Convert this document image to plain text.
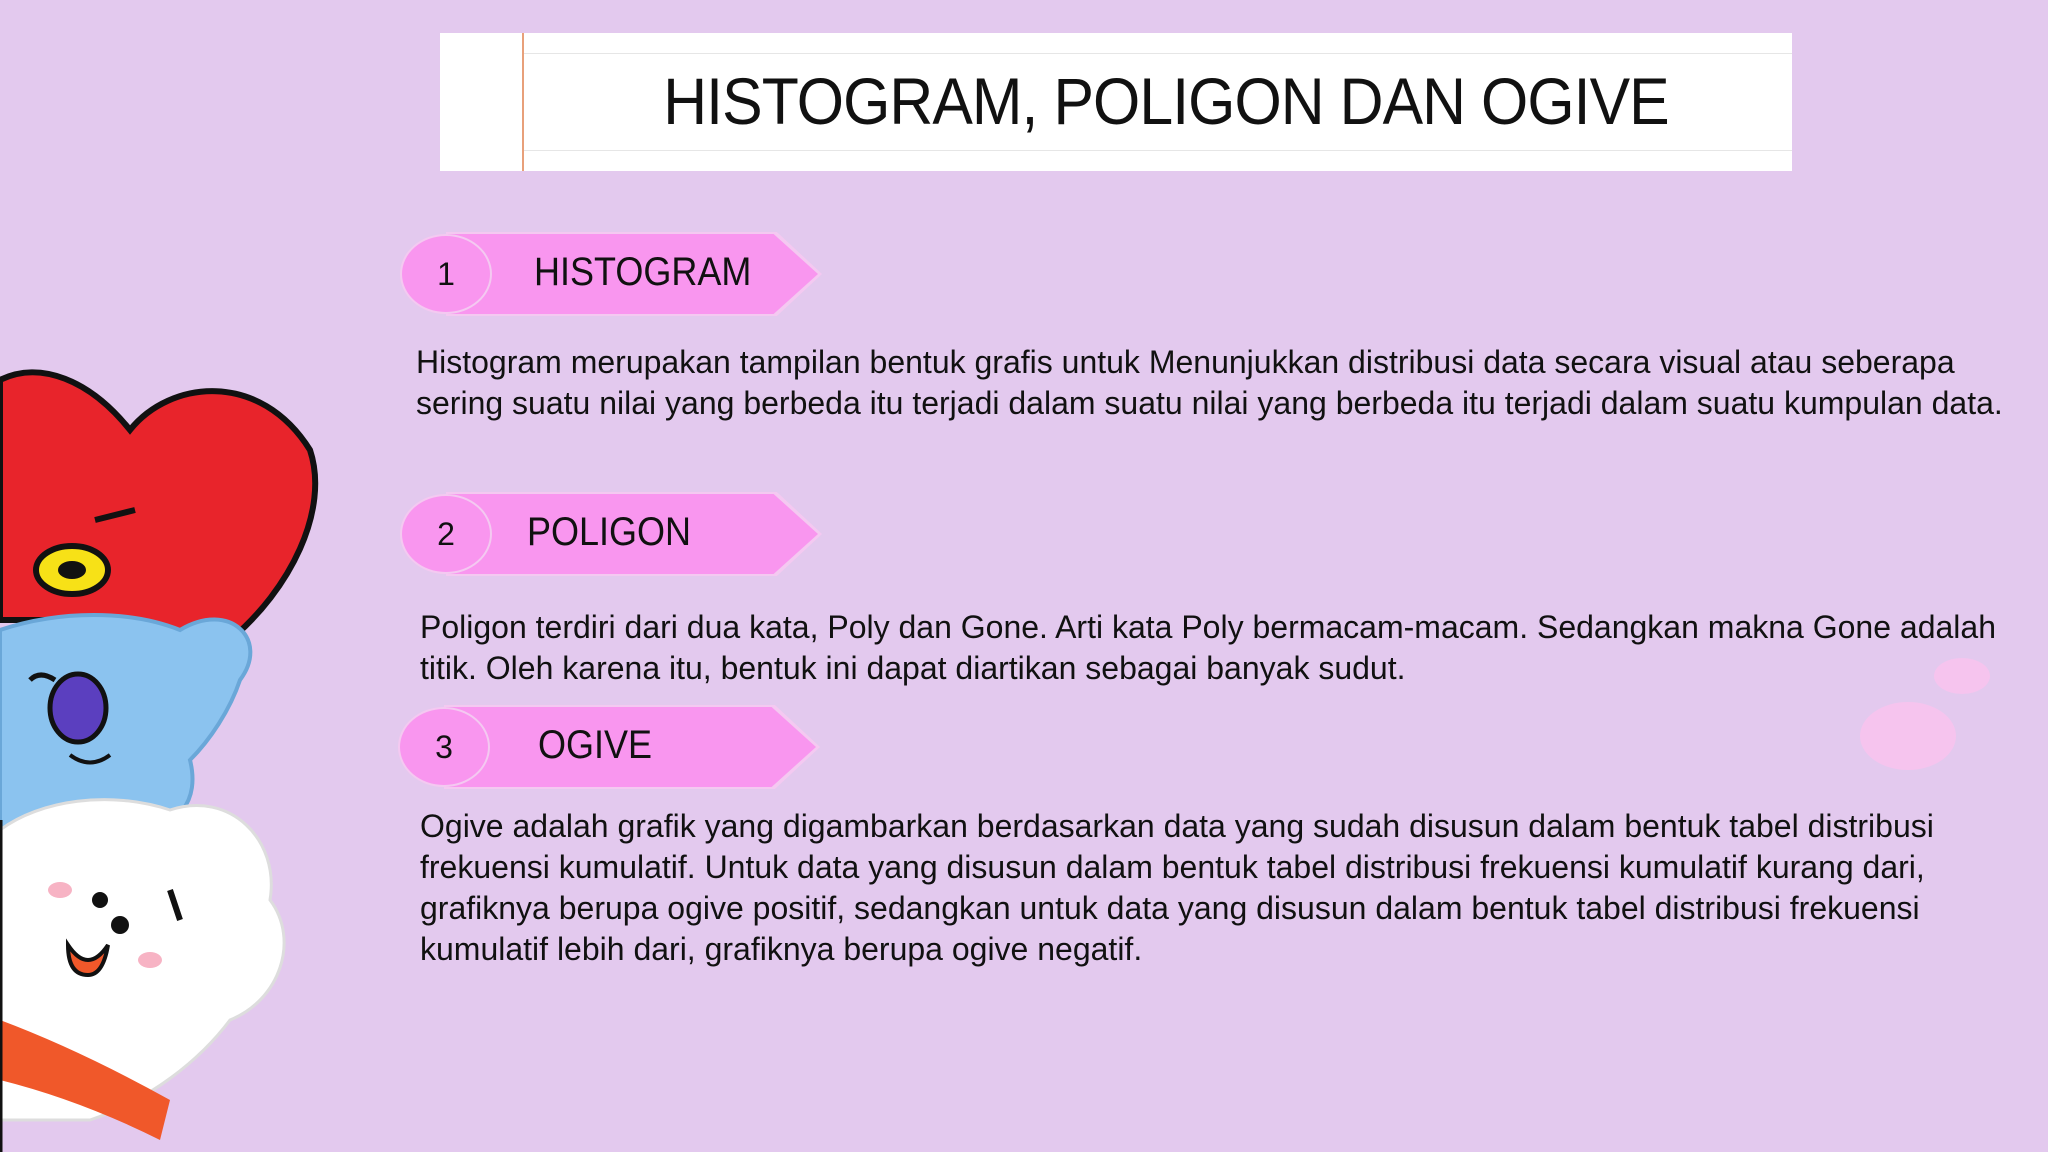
HISTOGRAM, POLIGON DAN OGIVE
1	HISTOGRAM

Histogram merupakan tampilan bentuk grafis untuk Menunjukkan distribusi data secara visual atau seberapa sering suatu nilai yang berbeda itu terjadi dalam suatu nilai yang berbeda itu terjadi dalam suatu kumpulan data.

2	POLIGON

Poligon terdiri dari dua kata, Poly dan Gone. Arti kata Poly bermacam-macam. Sedangkan makna Gone adalah titik. Oleh karena itu, bentuk ini dapat diartikan sebagai banyak sudut.

3	OGIVE

Ogive adalah grafik yang digambarkan berdasarkan data yang sudah disusun dalam bentuk tabel distribusi frekuensi kumulatif. Untuk data yang disusun dalam bentuk tabel distribusi frekuensi kumulatif kurang dari, grafiknya berupa ogive positif, sedangkan untuk data yang disusun dalam bentuk tabel distribusi frekuensi kumulatif lebih dari, grafiknya berupa ogive negatif.
